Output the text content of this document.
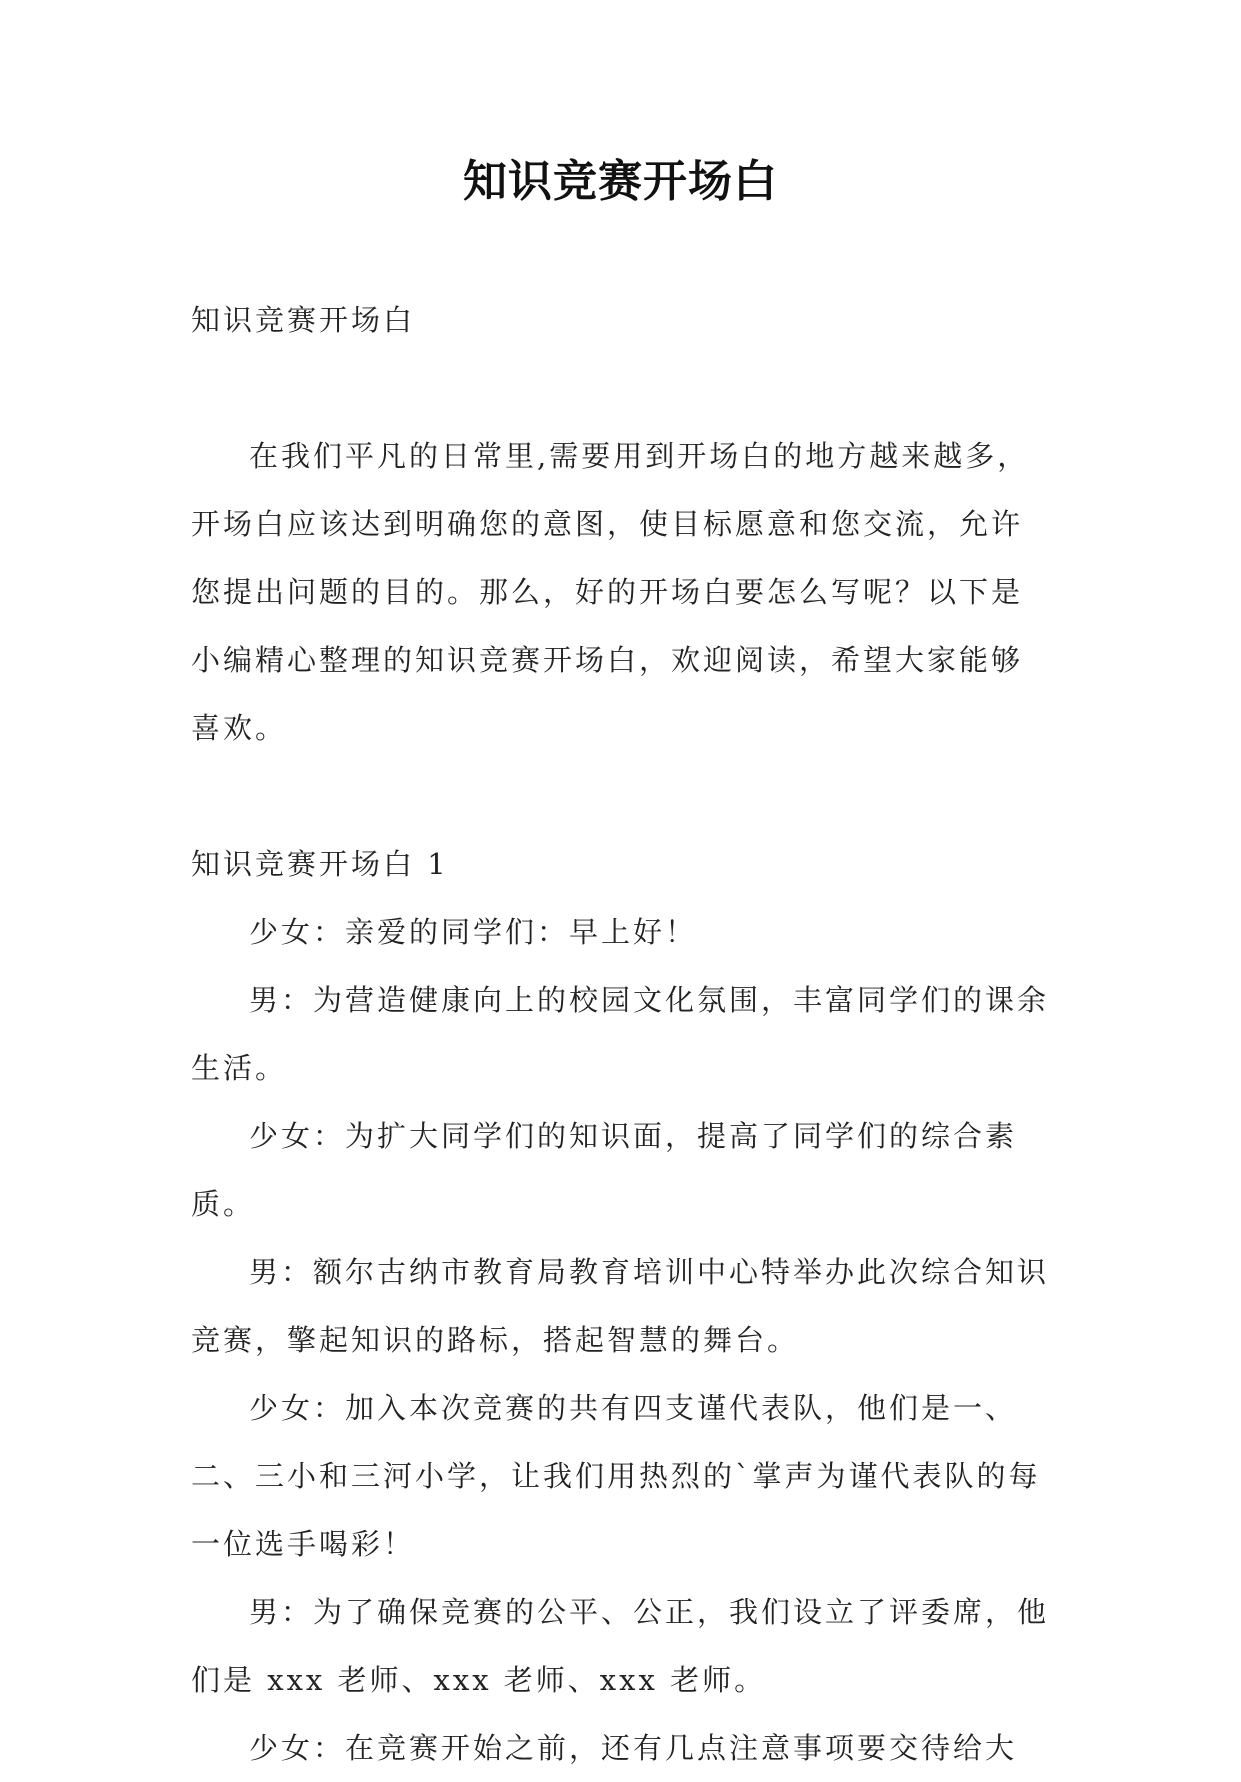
知识竞赛开场白

知识竞赛开场白

在我们平凡的日常里,需要用到开场白的地方越来越多，开场白应该达到明确您的意图，使目标愿意和您交流，允许您提出问题的目的。那么，好的开场白要怎么写呢？以下是小编精心整理的知识竞赛开场白，欢迎阅读，希望大家能够喜欢。

知识竞赛开场白 1

少女：亲爱的同学们：早上好！

男：为营造健康向上的校园文化氛围，丰富同学们的课余生活。

少女：为扩大同学们的知识面，提高了同学们的综合素质。

男：额尔古纳市教育局教育培训中心特举办此次综合知识竞赛，擎起知识的路标，搭起智慧的舞台。

少女：加入本次竞赛的共有四支谨代表队，他们是一、二、三小和三河小学，让我们用热烈的`掌声为谨代表队的每一位选手喝彩！

男：为了确保竞赛的公平、公正，我们设立了评委席，他们是 xxx 老师、xxx 老师、xxx 老师。

少女：在竞赛开始之前，还有几点注意事项要交待给大
